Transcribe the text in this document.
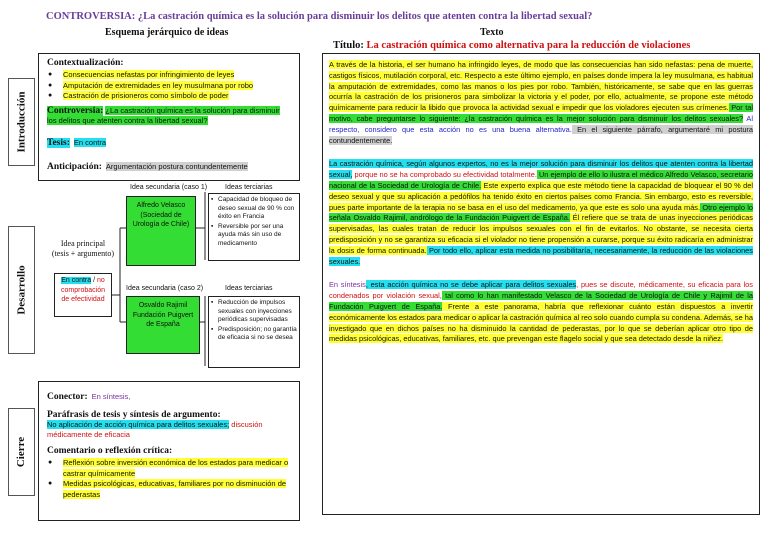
CONTROVERSIA: ¿La castración química es la solución para disminuir los delitos que atenten contra la libertad sexual?
Esquema jerárquico de ideas	Texto
Título: La castración química como alternativa para la reducción de violaciones
Introducción
Desarrollo
Cierre
Contextualización:
● Consecuencias nefastas por infringimiento de leyes
● Amputación de extremidades en ley musulmana por robo
● Castración de prisioneros como símbolo de poder
Controversia: ¿La castración química es la solución para disminuir los delitos que atenten contra la libertad sexual?
Tesis: En contra
Anticipación: Argumentación postura contundentemente
Idea secundaria (caso 1)	Ideas terciarias
Idea principal
(tesis + argumento)
En contra / no comprobación de efectividad
Alfredo Velasco (Sociedad de Urología de Chile)

▪ Capacidad de bloqueo de deseo sexual de 90 % con éxito en Francia

▪ Reversible por ser una ayuda más sin uso de medicamento

Idea secundaria (caso 2)	Ideas terciarias
Osvaldo Rajimil Fundación Puigvert de España

▪ Reducción de impulsos sexuales con inyecciones periódicas supervisadas

▪ Predisposición; no garantía de eficacia si no se desea

Conector: En síntesis,
Paráfrasis de tesis y síntesis de argumento:
No aplicación de acción química para delitos sexuales; discusión médicamente de eficacia
Comentario o reflexión crítica:
● Reflexión sobre inversión económica de los estados para medicar o castrar químicamente
● Medidas psicológicas, educativas, familiares por no disminución de pederastas

A través de la historia, el ser humano ha infringido leyes, de modo que las consecuencias han sido nefastas: pena de muerte, castigos físicos, mutilación corporal, etc. Respecto a este último ejemplo, en países donde impera la ley musulmana, es habitual la amputación de extremidades, como las manos o los pies por robo. También, históricamente, se sabe que en las guerras ocurría la castración de los prisioneros para simbolizar la victoria y el poder, por ello, actualmente, se propone este método químicamente para reducir la libido que provoca la actividad sexual e impedir que los violadores ejecuten sus crímenes. Por tal motivo, cabe preguntarse lo siguiente: ¿la castración química es la mejor solución para disminuir los delitos sexuales? Al respecto, considero que esta acción no es una buena alternativa. En el siguiente párrafo, argumentaré mi postura contundentemente.

La castración química, según algunos expertos, no es la mejor solución para disminuir los delitos que atenten contra la libertad sexual, porque no se ha comprobado su efectividad totalmente. Un ejemplo de ello lo ilustra el médico Alfredo Velasco, secretario nacional de la Sociedad de Urología de Chile. Este experto explica que este método tiene la capacidad de bloquear el 90 % del deseo sexual y que su aplicación a pedófilos ha tenido éxito en ciertos países como Francia. Sin embargo, esto es reversible, pues parte importante de la terapia no se basa en el uso del medicamento, ya que este es solo una ayuda más. Otro ejemplo lo señala Osvaldo Rajimil, andrólogo de la Fundación Puigvert de España. Él refiere que se trata de unas inyecciones periódicas supervisadas, las cuales tratan de reducir los impulsos sexuales con el fin de evitarlos. No obstante, se necesita cierta predisposición y no se garantiza su eficacia si el violador no tiene propensión a curarse, porque su éxito radicaría en administrar la dosis de forma continuada. Por todo ello, aplicar esta medida no posibilitaría, necesariamente, la reducción de las violaciones sexuales.

En síntesis, esta acción química no se debe aplicar para delitos sexuales, pues se discute, médicamente, su eficacia para los condenados por violación sexual, tal como lo han manifestado Velasco de la Sociedad de Urología de Chile y Rajimil de la Fundación Puigvert de España. Frente a este panorama, habría que reflexionar cuánto están dispuestos a invertir económicamente los estados para medicar o aplicar la castración química al reo solo cuando cumpla su condena. Además, se ha investigado que en dichos países no ha disminuido la cantidad de pederastas, por lo que se deberían aplicar otro tipo de medidas psicológicas, educativas, familiares, etc. que prevengan este flagelo social y que sea detectado desde la niñez.
